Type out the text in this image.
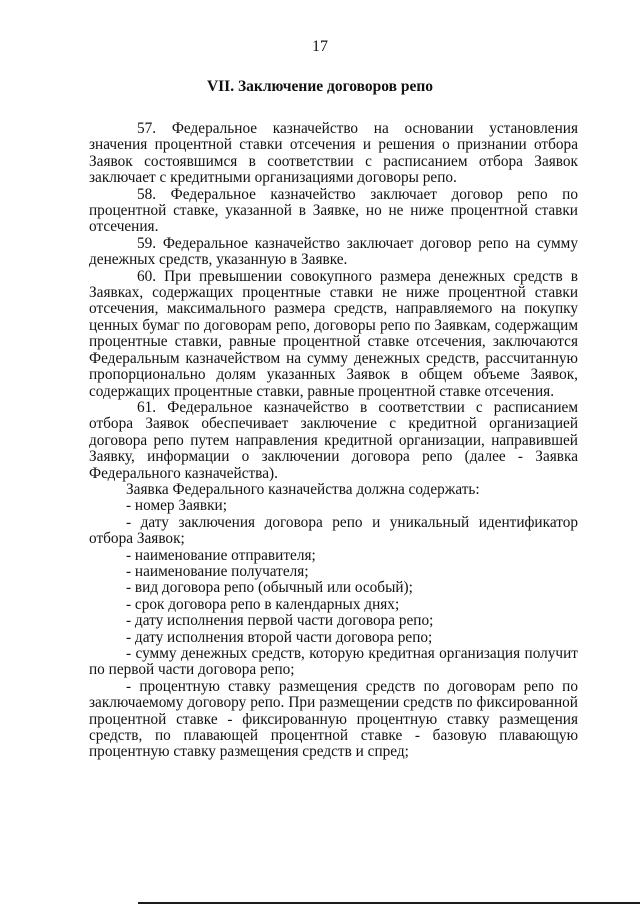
17
VII. Заключение договоров репо

57. Федеральное казначейство на основании установления значения процентной ставки отсечения и решения о признании отбора Заявок состоявшимся в соответствии с расписанием отбора Заявок заключает с кредитными организациями договоры репо.

58. Федеральное казначейство заключает договор репо по процентной ставке, указанной в Заявке, но не ниже процентной ставки отсечения.

59. Федеральное казначейство заключает договор репо на сумму денежных средств, указанную в Заявке.

60. При превышении совокупного размера денежных средств в Заявках, содержащих процентные ставки не ниже процентной ставки отсечения, максимального размера средств, направляемого на покупку ценных бумаг по договорам репо, договоры репо по Заявкам, содержащим процентные ставки, равные процентной ставке отсечения, заключаются Федеральным казначейством на сумму денежных средств, рассчитанную пропорционально долям указанных Заявок в общем объеме Заявок, содержащих процентные ставки, равные процентной ставке отсечения.

61. Федеральное казначейство в соответствии с расписанием отбора Заявок обеспечивает заключение с кредитной организацией договора репо путем направления кредитной организации, направившей Заявку, информации о заключении договора репо (далее - Заявка Федерального казначейства).

Заявка Федерального казначейства должна содержать:

- номер Заявки;

- дату заключения договора репо и уникальный идентификатор отбора Заявок;

- наименование отправителя;

- наименование получателя;

- вид договора репо (обычный или особый);

- срок договора репо в календарных днях;

- дату исполнения первой части договора репо;

- дату исполнения второй части договора репо;

- сумму денежных средств, которую кредитная организация получит по первой части договора репо;

- процентную ставку размещения средств по договорам репо по заключаемому договору репо. При размещении средств по фиксированной процентной ставке - фиксированную процентную ставку размещения средств, по плавающей процентной ставке - базовую плавающую процентную ставку размещения средств и спред;
